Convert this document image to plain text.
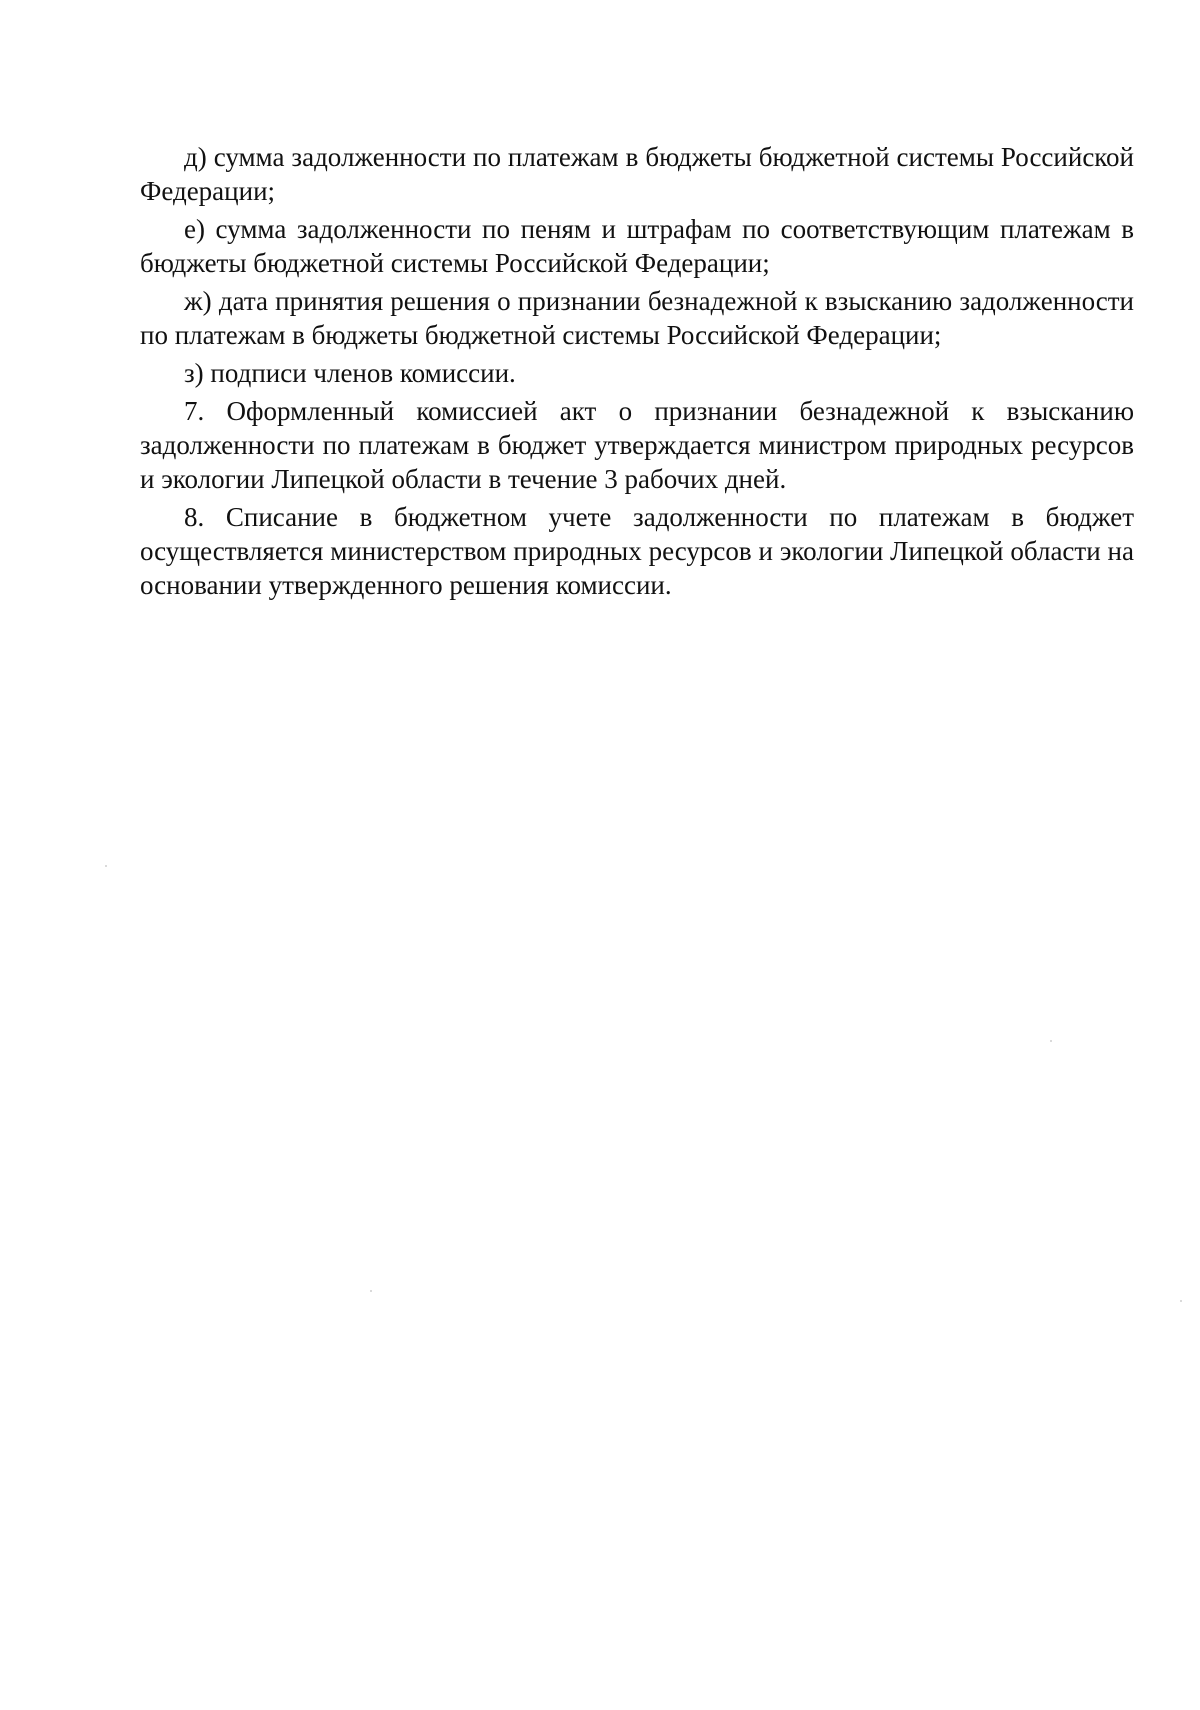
д) сумма задолженности по платежам в бюджеты бюджетной системы Российской Федерации;

е) сумма задолженности по пеням и штрафам по соответствующим платежам в бюджеты бюджетной системы Российской Федерации;

ж) дата принятия решения о признании безнадежной к взысканию задолженности по платежам в бюджеты бюджетной системы Российской Федерации;

з) подписи членов комиссии.

7. Оформленный комиссией акт о признании безнадежной к взысканию задолженности по платежам в бюджет утверждается министром природных ресурсов и экологии Липецкой области в течение 3 рабочих дней.

8. Списание в бюджетном учете задолженности по платежам в бюджет осуществляется министерством природных ресурсов и экологии Липецкой области на основании утвержденного решения комиссии.
